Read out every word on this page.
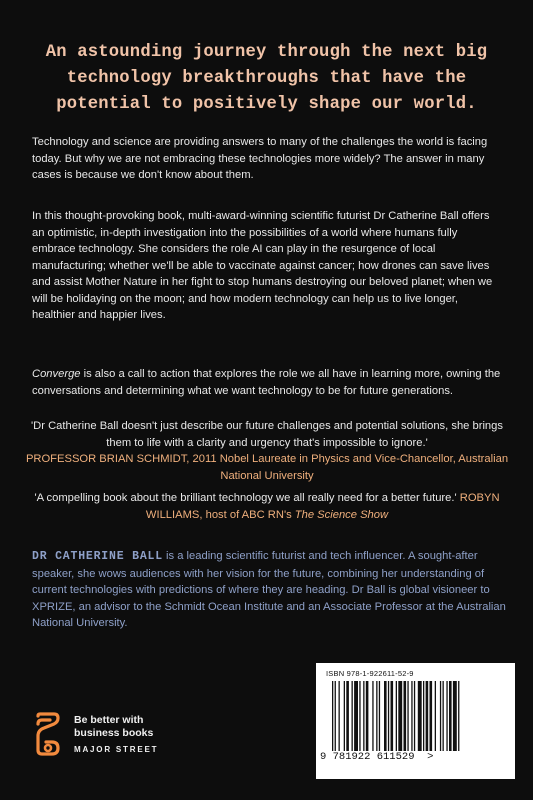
An astounding journey through the next big technology breakthroughs that have the potential to positively shape our world.
Technology and science are providing answers to many of the challenges the world is facing today. But why we are not embracing these technologies more widely? The answer in many cases is because we don't know about them.
In this thought-provoking book, multi-award-winning scientific futurist Dr Catherine Ball offers an optimistic, in-depth investigation into the possibilities of a world where humans fully embrace technology. She considers the role AI can play in the resurgence of local manufacturing; whether we'll be able to vaccinate against cancer; how drones can save lives and assist Mother Nature in her fight to stop humans destroying our beloved planet; when we will be holidaying on the moon; and how modern technology can help us to live longer, healthier and happier lives.
Converge is also a call to action that explores the role we all have in learning more, owning the conversations and determining what we want technology to be for future generations.
'Dr Catherine Ball doesn't just describe our future challenges and potential solutions, she brings them to life with a clarity and urgency that's impossible to ignore.'
PROFESSOR BRIAN SCHMIDT, 2011 Nobel Laureate in Physics and Vice-Chancellor, Australian National University
'A compelling book about the brilliant technology we all really need for a better future.' ROBYN WILLIAMS, host of ABC RN's The Science Show
DR CATHERINE BALL is a leading scientific futurist and tech influencer. A sought-after speaker, she wows audiences with her vision for the future, combining her understanding of current technologies with predictions of where they are heading. Dr Ball is global visioneer to XPRIZE, an advisor to the Schmidt Ocean Institute and an Associate Professor at the Australian National University.
Be better with
business books
MAJOR STREET
ISBN 978-1-922611-52-9
9 781922 611529  >
